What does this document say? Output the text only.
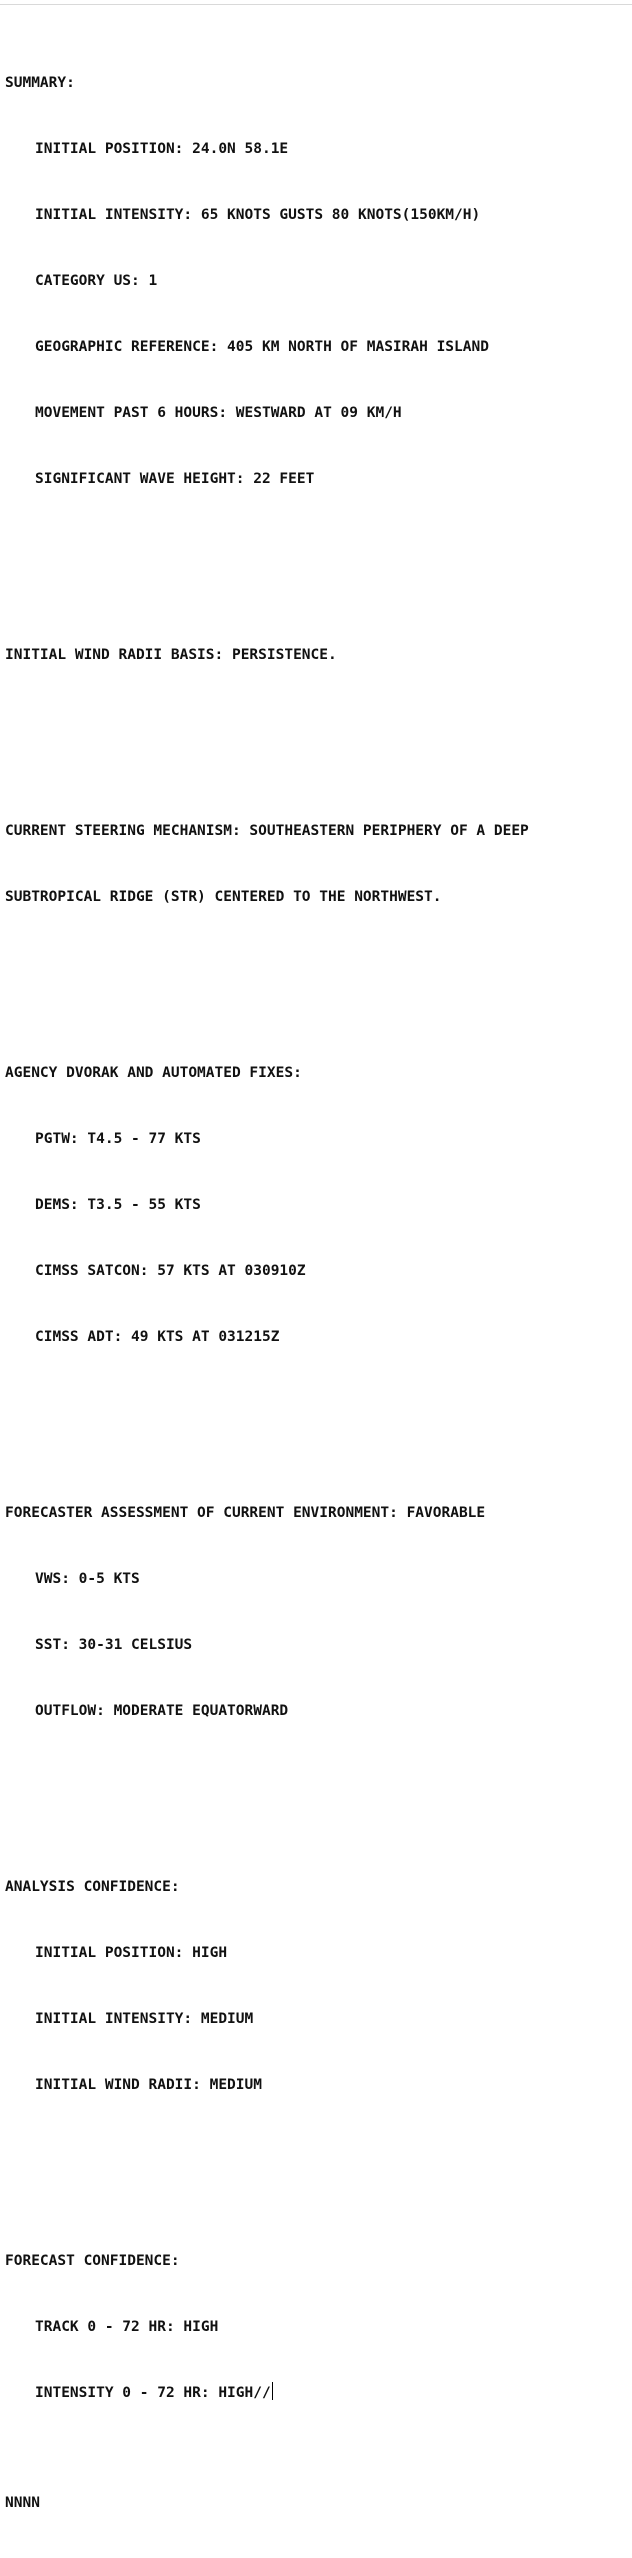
SUMMARY:

INITIAL POSITION: 24.0N 58.1E

INITIAL INTENSITY: 65 KNOTS GUSTS 80 KNOTS(150KM/H)

CATEGORY US: 1

GEOGRAPHIC REFERENCE: 405 KM NORTH OF MASIRAH ISLAND

MOVEMENT PAST 6 HOURS: WESTWARD AT 09 KM/H

SIGNIFICANT WAVE HEIGHT: 22 FEET

INITIAL WIND RADII BASIS: PERSISTENCE.

CURRENT STEERING MECHANISM: SOUTHEASTERN PERIPHERY OF A DEEP

SUBTROPICAL RIDGE (STR) CENTERED TO THE NORTHWEST.

AGENCY DVORAK AND AUTOMATED FIXES:

PGTW: T4.5 - 77 KTS

DEMS: T3.5 - 55 KTS

CIMSS SATCON: 57 KTS AT 030910Z

CIMSS ADT: 49 KTS AT 031215Z

FORECASTER ASSESSMENT OF CURRENT ENVIRONMENT: FAVORABLE

VWS: 0-5 KTS

SST: 30-31 CELSIUS

OUTFLOW: MODERATE EQUATORWARD

ANALYSIS CONFIDENCE:

INITIAL POSITION: HIGH

INITIAL INTENSITY: MEDIUM

INITIAL WIND RADII: MEDIUM

FORECAST CONFIDENCE:

TRACK 0 - 72 HR: HIGH

INTENSITY 0 - 72 HR: HIGH//

NNNN
